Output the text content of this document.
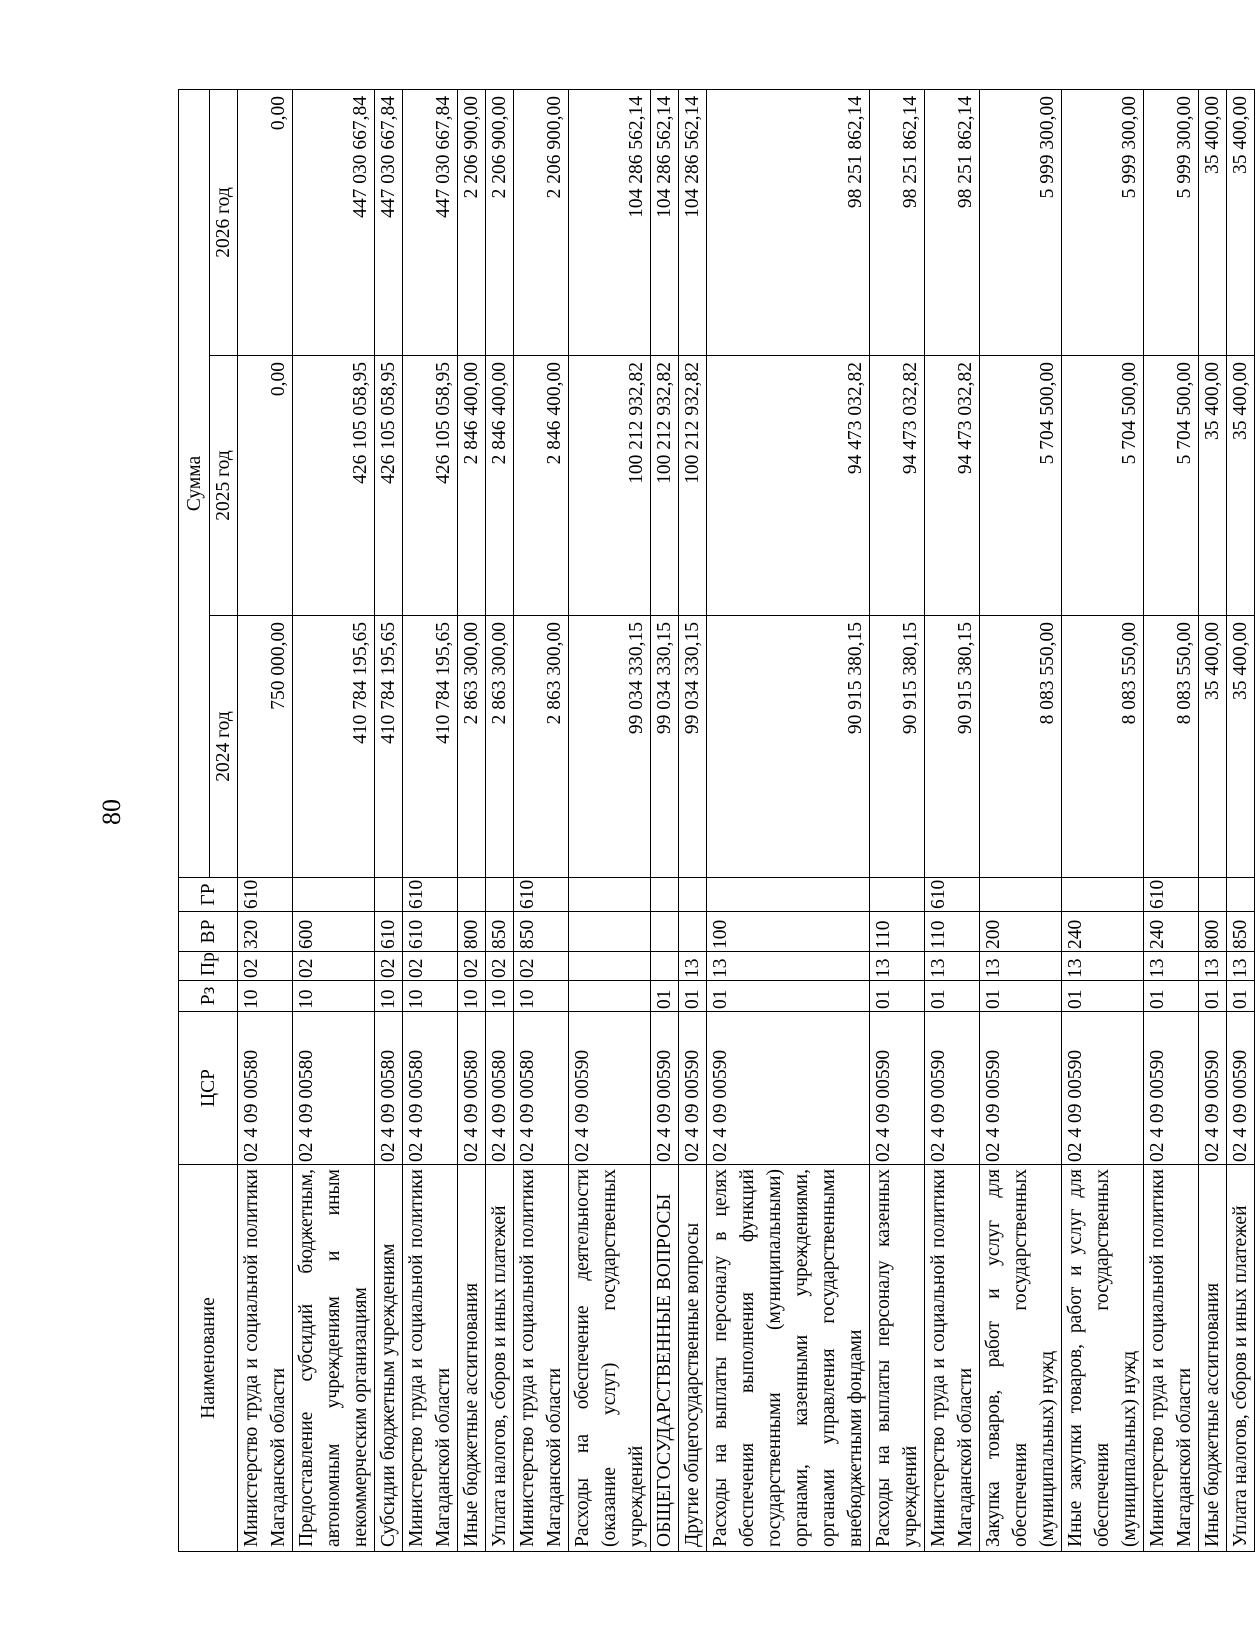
80
Наименование	ЦСР	Рз	Пр	ВР	ГР	Сумма		
						2024 год	2025 год	2026 год
Министерство труда и социальной политики Магаданской области	02 4 09 00580	10	02	320	610	750 000,00	0,00	0,00
Предоставление субсидий бюджетным, автономным учреждениям и иным некоммерческим организациям	02 4 09 00580	10	02	600		410 784 195,65	426 105 058,95	447 030 667,84
Субсидии бюджетным учреждениям	02 4 09 00580	10	02	610		410 784 195,65	426 105 058,95	447 030 667,84
Министерство труда и социальной политики Магаданской области	02 4 09 00580	10	02	610	610	410 784 195,65	426 105 058,95	447 030 667,84
Иные бюджетные ассигнования	02 4 09 00580	10	02	800		2 863 300,00	2 846 400,00	2 206 900,00
Уплата налогов, сборов и иных платежей	02 4 09 00580	10	02	850		2 863 300,00	2 846 400,00	2 206 900,00
Министерство труда и социальной политики Магаданской области	02 4 09 00580	10	02	850	610	2 863 300,00	2 846 400,00	2 206 900,00
Расходы на обеспечение деятельности (оказание услуг) государственных учреждений	02 4 09 00590					99 034 330,15	100 212 932,82	104 286 562,14
ОБЩЕГОСУДАРСТВЕННЫЕ ВОПРОСЫ	02 4 09 00590	01				99 034 330,15	100 212 932,82	104 286 562,14
Другие общегосударственные вопросы	02 4 09 00590	01	13			99 034 330,15	100 212 932,82	104 286 562,14
Расходы на выплаты персоналу в целях обеспечения выполнения функций государственными (муниципальными) органами, казенными учреждениями, органами управления государственными внебюджетными фондами	02 4 09 00590	01	13	100		90 915 380,15	94 473 032,82	98 251 862,14
Расходы на выплаты персоналу казенных учреждений	02 4 09 00590	01	13	110		90 915 380,15	94 473 032,82	98 251 862,14
Министерство труда и социальной политики Магаданской области	02 4 09 00590	01	13	110	610	90 915 380,15	94 473 032,82	98 251 862,14
Закупка товаров, работ и услуг для обеспечения государственных (муниципальных) нужд	02 4 09 00590	01	13	200		8 083 550,00	5 704 500,00	5 999 300,00
Иные закупки товаров, работ и услуг для обеспечения государственных (муниципальных) нужд	02 4 09 00590	01	13	240		8 083 550,00	5 704 500,00	5 999 300,00
Министерство труда и социальной политики Магаданской области	02 4 09 00590	01	13	240	610	8 083 550,00	5 704 500,00	5 999 300,00
Иные бюджетные ассигнования	02 4 09 00590	01	13	800		35 400,00	35 400,00	35 400,00
Уплата налогов, сборов и иных платежей	02 4 09 00590	01	13	850		35 400,00	35 400,00	35 400,00
